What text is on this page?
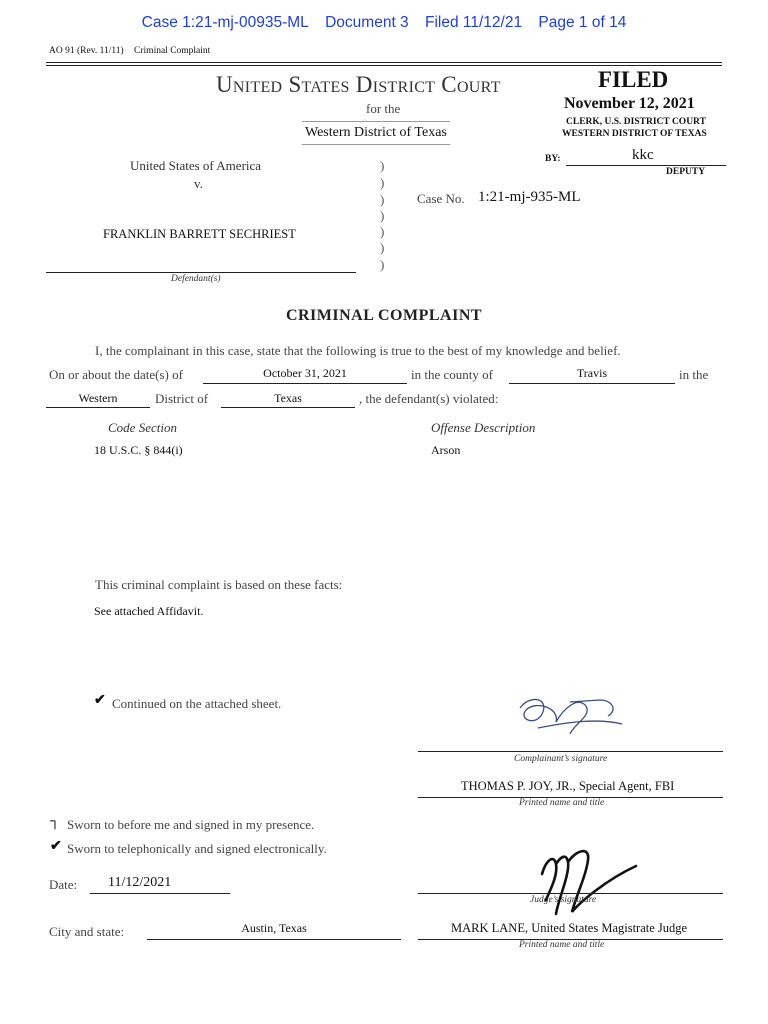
Case 1:21-mj-00935-ML Document 3 Filed 11/12/21 Page 1 of 14
AO 91 (Rev. 11/11) Criminal Complaint
United States District Court
for the
Western District of Texas
FILED
November 12, 2021
CLERK, U.S. DISTRICT COURT
WESTERN DISTRICT OF TEXAS
BY:	kkc
DEPUTY
United States of America
v.
FRANKLIN BARRETT SECHRIEST
Defendant(s)
)
)
)
)
)
)
)
Case No. 1:21-mj-935-ML
CRIMINAL COMPLAINT
I, the complainant in this case, state that the following is true to the best of my knowledge and belief.
On or about the date(s) of	October 31, 2021	in the county of	Travis	in the
Western	District of	Texas	, the defendant(s) violated:
Code Section	Offense Description
18 U.S.C. § 844(i)	Arson
This criminal complaint is based on these facts:
See attached Affidavit.
✔ Continued on the attached sheet.
Complainant’s signature
THOMAS P. JOY, JR., Special Agent, FBI
Printed name and title
┐ Sworn to before me and signed in my presence.
✔ Sworn to telephonically and signed electronically.
Date: 11/12/2021
Judge’s signature
City and state:	Austin, Texas	MARK LANE, United States Magistrate Judge
Printed name and title
